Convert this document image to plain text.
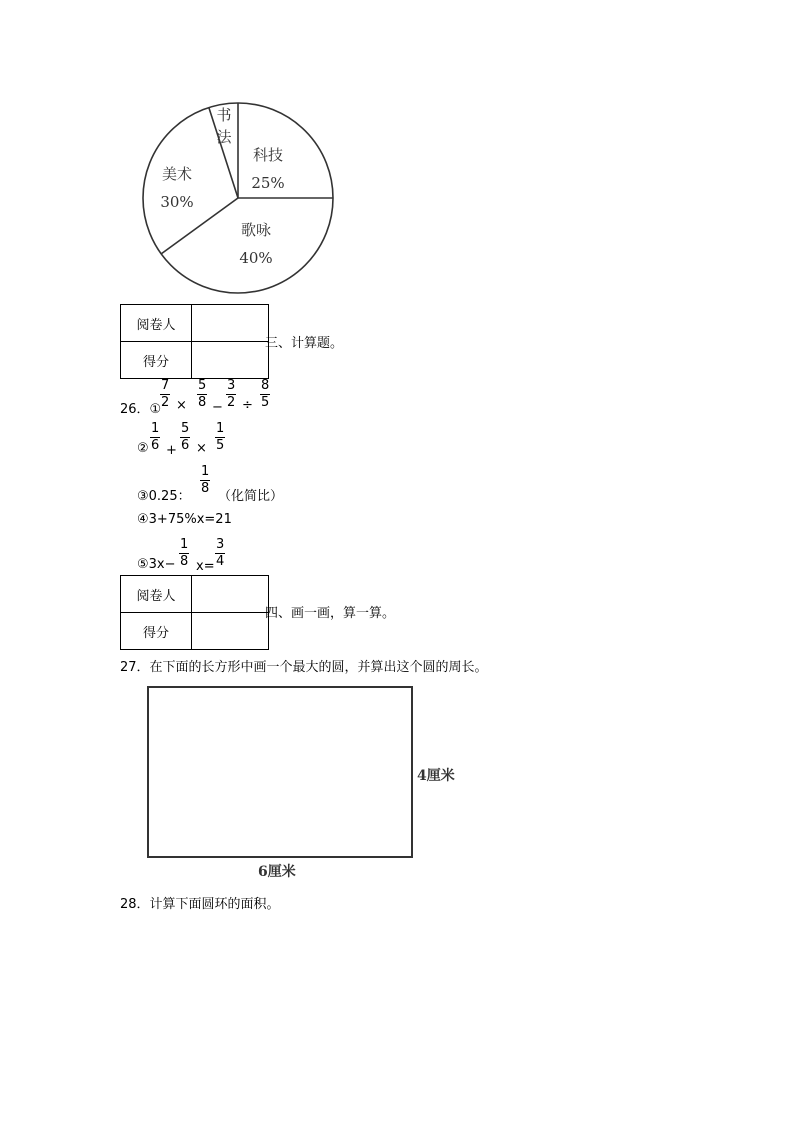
科技
25%
歌咏
40%
美术
30%
书
法
阅卷人	
得分	
三、计算题。
26．①
$\frac{7}{2} \times \frac{5}{8} - \frac{3}{2} \div \frac{8}{5}$
② $\frac{1}{6} + \frac{5}{6} \times \frac{1}{5}$
③0.25： $\frac{1}{8}$ （化简比）
④3+75%x=21
⑤3x− $\frac{1}{8} x= \frac{3}{4}$
阅卷人	
得分	
四、画一画，算一算。
27．在下面的长方形中画一个最大的圆，并算出这个圆的周长。
4厘米
6厘米
28．计算下面圆环的面积。
